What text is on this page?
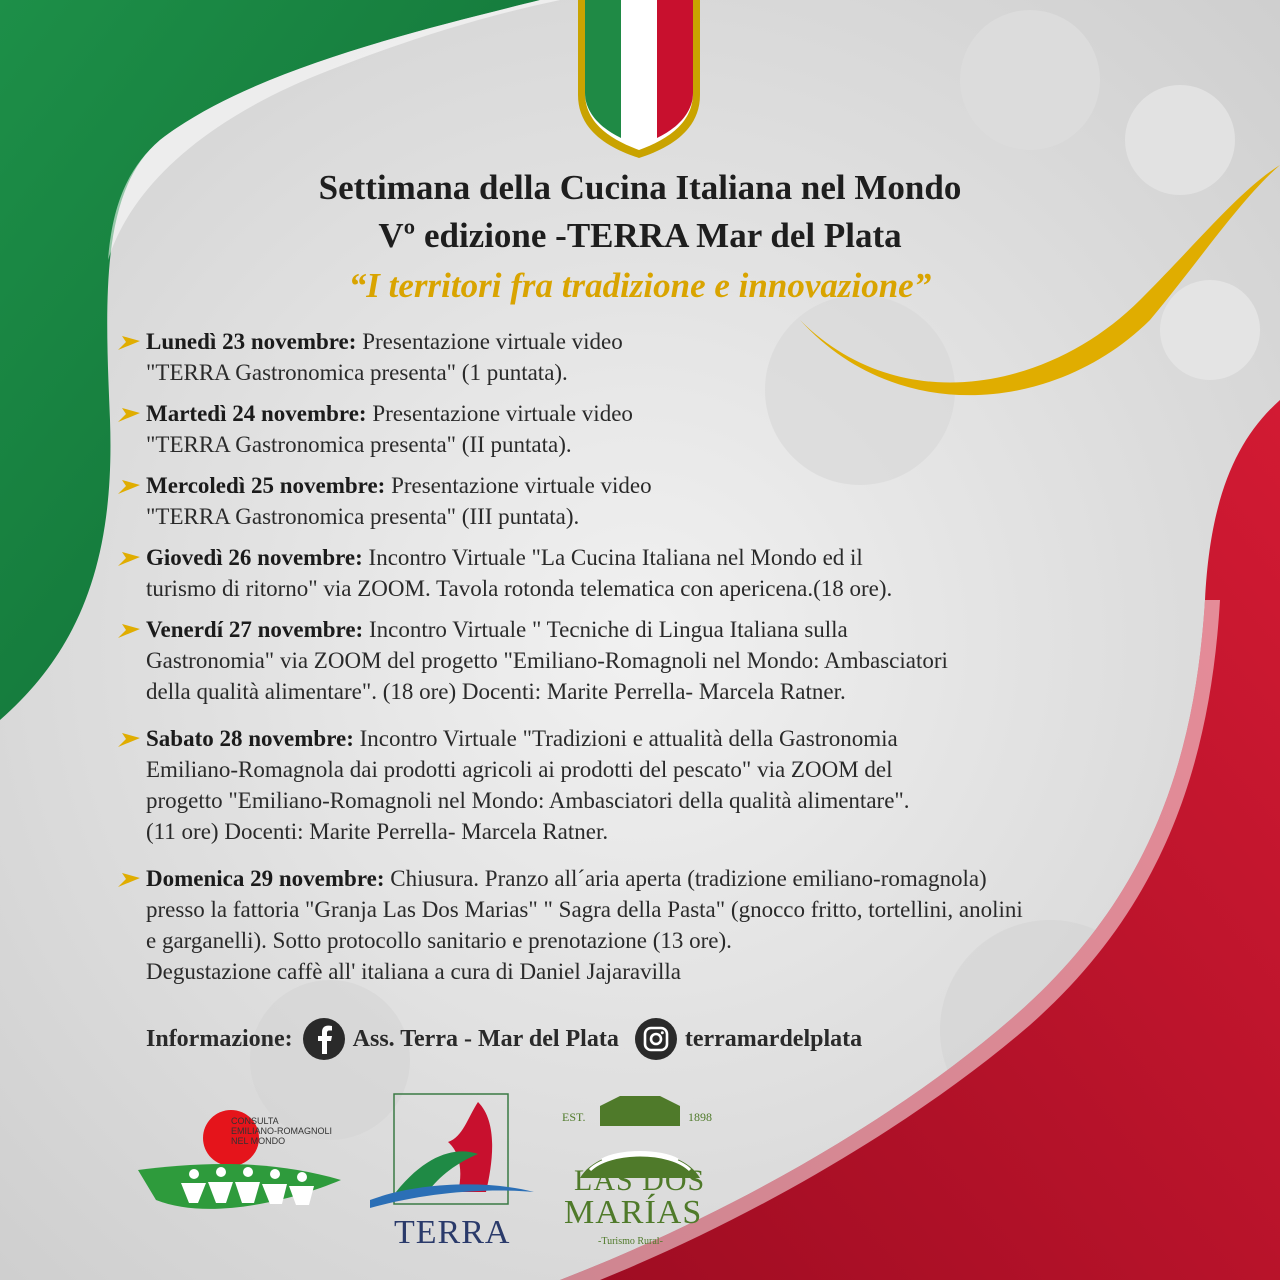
Settimana della Cucina Italiana nel Mondo
Vº edizione -TERRA Mar del Plata
“I territori fra tradizione e innovazione”
Lunedì 23 novembre: Presentazione virtuale video
"TERRA Gastronomica presenta" (1 puntata).
Martedì 24 novembre: Presentazione virtuale video
"TERRA Gastronomica presenta" (II puntata).
Mercoledì 25 novembre: Presentazione virtuale video
"TERRA Gastronomica presenta" (III puntata).
Giovedì 26 novembre: Incontro Virtuale "La Cucina Italiana nel Mondo ed il
turismo di ritorno" via ZOOM. Tavola rotonda telematica con apericena.(18 ore).
Venerdí 27 novembre: Incontro Virtuale " Tecniche di Lingua Italiana sulla
Gastronomia" via ZOOM del progetto "Emiliano-Romagnoli nel Mondo: Ambasciatori
della qualità alimentare". (18 ore) Docenti: Marite Perrella- Marcela Ratner.
Sabato 28 novembre: Incontro Virtuale "Tradizioni e attualità della Gastronomia
Emiliano-Romagnola dai prodotti agricoli ai prodotti del pescato" via ZOOM del
progetto "Emiliano-Romagnoli nel Mondo: Ambasciatori della qualità alimentare".
(11 ore) Docenti: Marite Perrella- Marcela Ratner.
Domenica 29 novembre: Chiusura. Pranzo all´aria aperta (tradizione emiliano-romagnola)
presso la fattoria "Granja Las Dos Marias" " Sagra della Pasta" (gnocco fritto, tortellini, anolini
e garganelli). Sotto protocollo sanitario e prenotazione (13 ore).
Degustazione caffè all' italiana a cura di Daniel Jajaravilla
Informazione:	Ass. Terra - Mar del Plata	terramardelplata
CONSULTA
EMILIANO-ROMAGNOLI
NEL MONDO
TERRA
EST.	1898
LAS DOS
MARÍAS
-Turismo Rural-
